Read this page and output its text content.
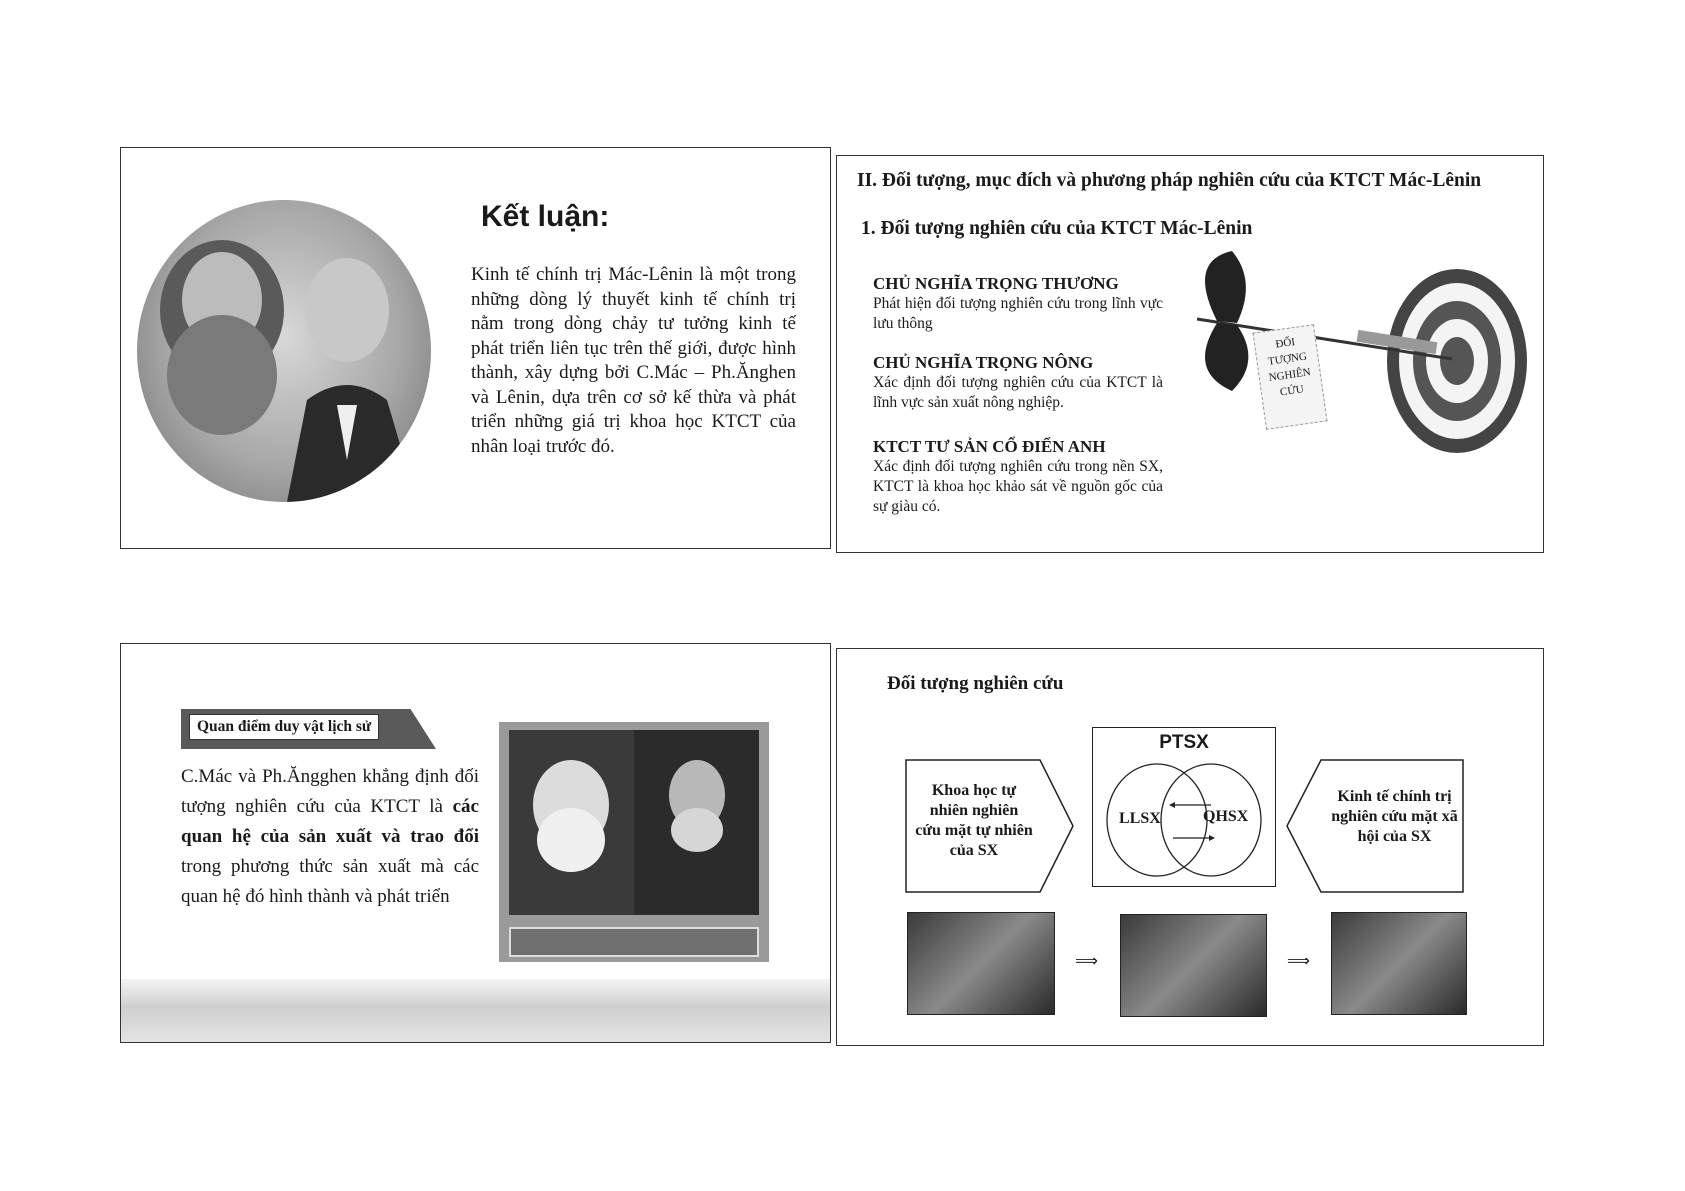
Kết luận:
Kinh tế chính trị Mác-Lênin là một trong những dòng lý thuyết kinh tế chính trị nằm trong dòng chảy tư tưởng kinh tế phát triển liên tục trên thế giới, được hình thành, xây dựng bởi C.Mác – Ph.Ănghen và Lênin, dựa trên cơ sở kế thừa và phát triển những giá trị khoa học KTCT của nhân loại trước đó.
II. Đối tượng, mục đích và phương pháp nghiên cứu của KTCT Mác-Lênin
1. Đối tượng nghiên cứu của KTCT Mác-Lênin
CHỦ NGHĨA TRỌNG THƯƠNG
Phát hiện đối tượng nghiên cứu trong lĩnh vực lưu thông
CHỦ NGHĨA TRỌNG NÔNG
Xác định đối tượng nghiên cứu của KTCT là lĩnh vực sản xuất nông nghiệp.
KTCT TƯ SẢN CỔ ĐIỂN ANH
Xác định đối tượng nghiên cứu trong nền SX, KTCT là khoa học khảo sát về nguồn gốc của sự giàu có.
ĐỐI
TƯỢNG
NGHIÊN
CỨU
Quan điểm duy vật lịch sử
C.Mác và Ph.Ăngghen khẳng định đối tượng nghiên cứu của KTCT là các quan hệ của sản xuất và trao đổi trong phương thức sản xuất mà các quan hệ đó hình thành và phát triển
Đối tượng nghiên cứu
Khoa học tự nhiên nghiên cứu mặt tự nhiên của SX
PTSX
LLSX	QHSX
Kinh tế chính trị nghiên cứu mặt xã hội của SX
⟹	⟹
